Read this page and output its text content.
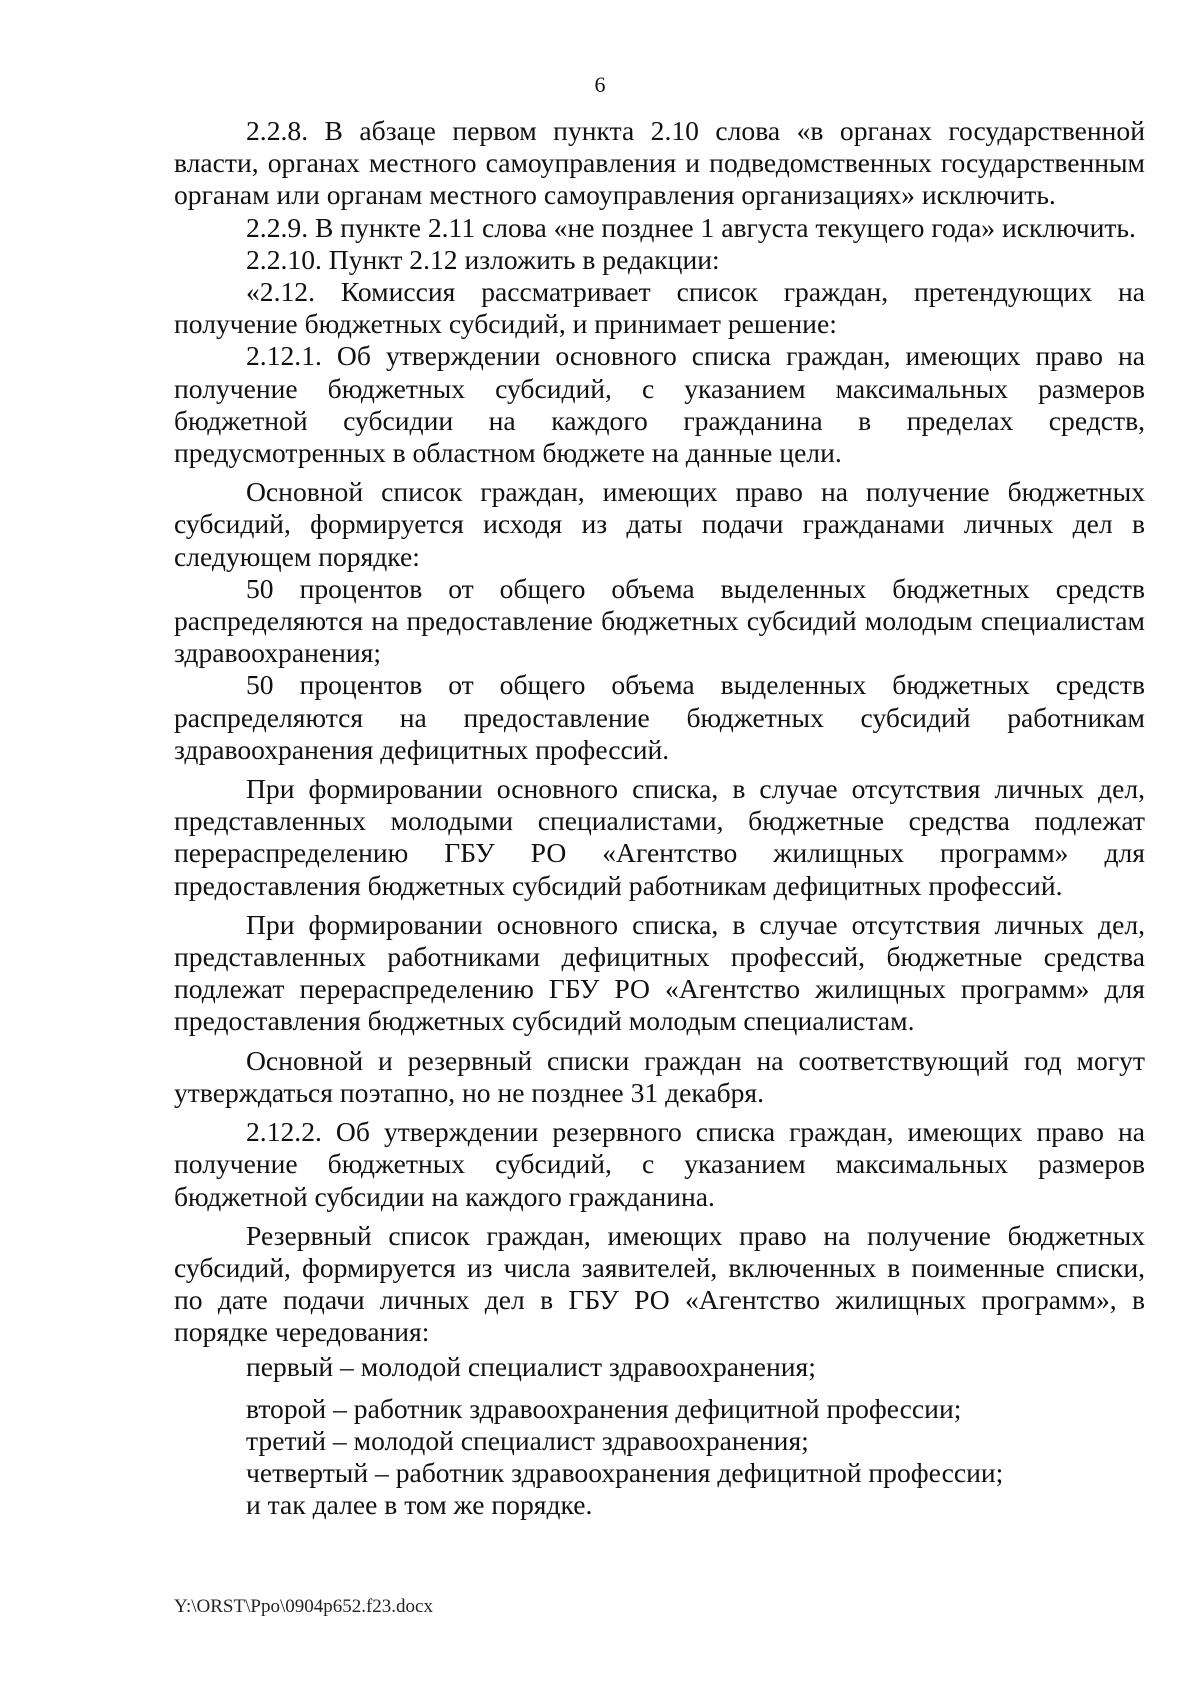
6

2.2.8. В абзаце первом пункта 2.10 слова «в органах государственной власти, органах местного самоуправления и подведомственных государственным органам или органам местного самоуправления организациях» исключить.

2.2.9. В пункте 2.11 слова «не позднее 1 августа текущего года» исключить.

2.2.10. Пункт 2.12 изложить в редакции:

«2.12. Комиссия рассматривает список граждан, претендующих на получение бюджетных субсидий, и принимает решение:

2.12.1. Об утверждении основного списка граждан, имеющих право на получение бюджетных субсидий, с указанием максимальных размеров бюджетной субсидии на каждого гражданина в пределах средств, предусмотренных в областном бюджете на данные цели.

Основной список граждан, имеющих право на получение бюджетных субсидий, формируется исходя из даты подачи гражданами личных дел в следующем порядке:

50 процентов от общего объема выделенных бюджетных средств распределяются на предоставление бюджетных субсидий молодым специалистам здравоохранения;

50 процентов от общего объема выделенных бюджетных средств распределяются на предоставление бюджетных субсидий работникам здравоохранения дефицитных профессий.

При формировании основного списка, в случае отсутствия личных дел, представленных молодыми специалистами, бюджетные средства подлежат перераспределению ГБУ РО «Агентство жилищных программ» для предоставления бюджетных субсидий работникам дефицитных профессий.

При формировании основного списка, в случае отсутствия личных дел, представленных работниками дефицитных профессий, бюджетные средства подлежат перераспределению ГБУ РО «Агентство жилищных программ» для предоставления бюджетных субсидий молодым специалистам.

Основной и резервный списки граждан на соответствующий год могут утверждаться поэтапно, но не позднее 31 декабря.

2.12.2. Об утверждении резервного списка граждан, имеющих право на получение бюджетных субсидий, с указанием максимальных размеров бюджетной субсидии на каждого гражданина.

Резервный список граждан, имеющих право на получение бюджетных субсидий, формируется из числа заявителей, включенных в поименные списки, по дате подачи личных дел в ГБУ РО «Агентство жилищных программ», в порядке чередования:

первый – молодой специалист здравоохранения;

второй – работник здравоохранения дефицитной профессии;

третий – молодой специалист здравоохранения;

четвертый – работник здравоохранения дефицитной профессии;

и так далее в том же порядке.

Y:\ORST\Ppo\0904p652.f23.docx
